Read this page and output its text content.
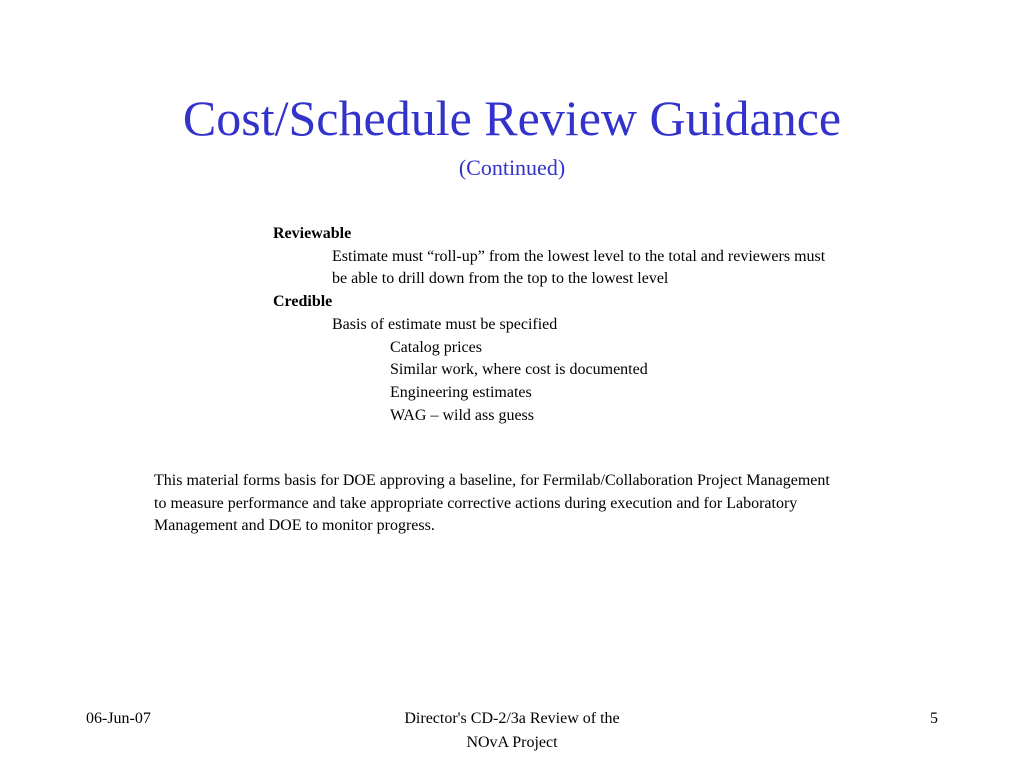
Cost/Schedule Review Guidance
(Continued)
Reviewable
Estimate must “roll-up” from the lowest level to the total and reviewers must be able to drill down from the top to the lowest level
Credible
Basis of estimate must be specified
Catalog prices
Similar work, where cost is documented
Engineering estimates
WAG – wild ass guess
This material forms basis for DOE approving a baseline, for Fermilab/Collaboration Project Management to measure performance and take appropriate corrective actions during execution and for Laboratory Management and DOE to monitor progress.
06-Jun-07	Director's CD-2/3a Review of the
NOvA Project
5
